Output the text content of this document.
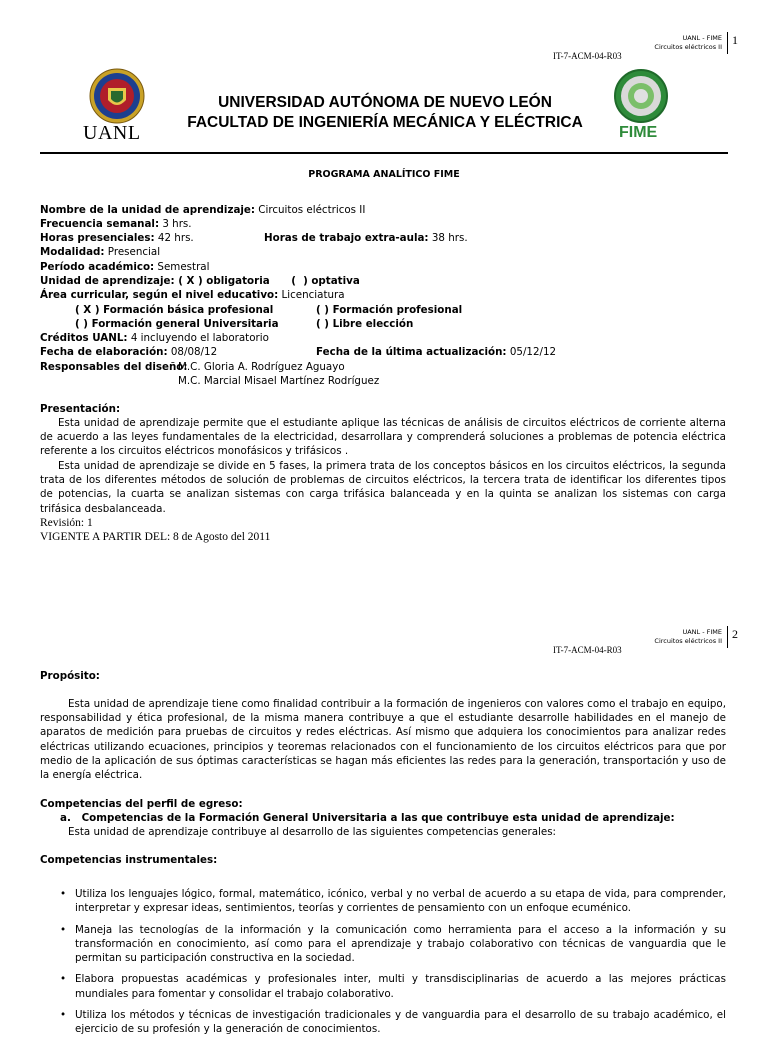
UANL - FIME
Circuitos eléctricos II 1
IT-7-ACM-04-R03
UANL
UNIVERSIDAD AUTÓNOMA DE NUEVO LEÓN
FACULTAD DE INGENIERÍA MECÁNICA Y ELÉCTRICA
FIME
PROGRAMA ANALÍTICO FIME
Nombre de la unidad de aprendizaje: Circuitos eléctricos II
Frecuencia semanal: 3 hrs.
Horas presenciales: 42 hrs.	Horas de trabajo extra-aula: 38 hrs.
Modalidad: Presencial
Período académico: Semestral
Unidad de aprendizaje: ( X ) obligatoria      (  ) optativa
Área curricular, según el nivel educativo: Licenciatura
( X ) Formación básica profesional	( ) Formación profesional
( ) Formación general Universitaria	( ) Libre elección
Créditos UANL: 4 incluyendo el laboratorio
Fecha de elaboración: 08/08/12	Fecha de la última actualización: 05/12/12
Responsables del diseño:
M.C. Gloria A. Rodríguez Aguayo
M.C. Marcial Misael Martínez Rodríguez
Presentación:
Esta unidad de aprendizaje permite que el estudiante aplique las técnicas de análisis de circuitos eléctricos de corriente alterna de acuerdo a las leyes fundamentales de la electricidad, desarrollara y comprenderá soluciones a problemas de potencia eléctrica referente a los circuitos eléctricos monofásicos y trifásicos .
Esta unidad de aprendizaje se divide en 5 fases, la primera trata de los conceptos básicos en los circuitos eléctricos, la segunda trata de los diferentes métodos de solución de problemas de circuitos eléctricos, la tercera trata de identificar los diferentes tipos de potencias, la cuarta se analizan sistemas con carga trifásica balanceada y en la quinta se analizan los sistemas con carga trifásica desbalanceada.
Revisión: 1
VIGENTE A PARTIR DEL: 8 de Agosto del 2011
UANL - FIME
Circuitos eléctricos II 2
IT-7-ACM-04-R03
Propósito:
Esta unidad de aprendizaje tiene como finalidad contribuir a la formación de ingenieros con valores como el trabajo en equipo, responsabilidad y ética profesional, de la misma manera contribuye a que el estudiante desarrolle habilidades en el manejo de aparatos de medición para pruebas de circuitos y redes eléctricas. Así mismo que adquiera los conocimientos para analizar redes eléctricas utilizando ecuaciones, principios y teoremas relacionados con el funcionamiento de los circuitos eléctricos para que por medio de la aplicación de sus óptimas características se hagan más eficientes las redes para la generación, transportación y uso de la energía eléctrica.
Competencias del perfil de egreso:
a.   Competencias de la Formación General Universitaria a las que contribuye esta unidad de aprendizaje:
Esta unidad de aprendizaje contribuye al desarrollo de las siguientes competencias generales:
Competencias instrumentales:
• Utiliza los lenguajes lógico, formal, matemático, icónico, verbal y no verbal de acuerdo a su etapa de vida, para comprender, interpretar y expresar ideas, sentimientos, teorías y corrientes de pensamiento con un enfoque ecuménico.
• Maneja las tecnologías de la información y la comunicación como herramienta para el acceso a la información y su transformación en conocimiento, así como para el aprendizaje y trabajo colaborativo con técnicas de vanguardia que le permitan su participación constructiva en la sociedad.
• Elabora propuestas académicas y profesionales inter, multi y transdisciplinarias de acuerdo a las mejores prácticas mundiales para fomentar y consolidar el trabajo colaborativo.
• Utiliza los métodos y técnicas de investigación tradicionales y de vanguardia para el desarrollo de su trabajo académico, el ejercicio de su profesión y la generación de conocimientos.
